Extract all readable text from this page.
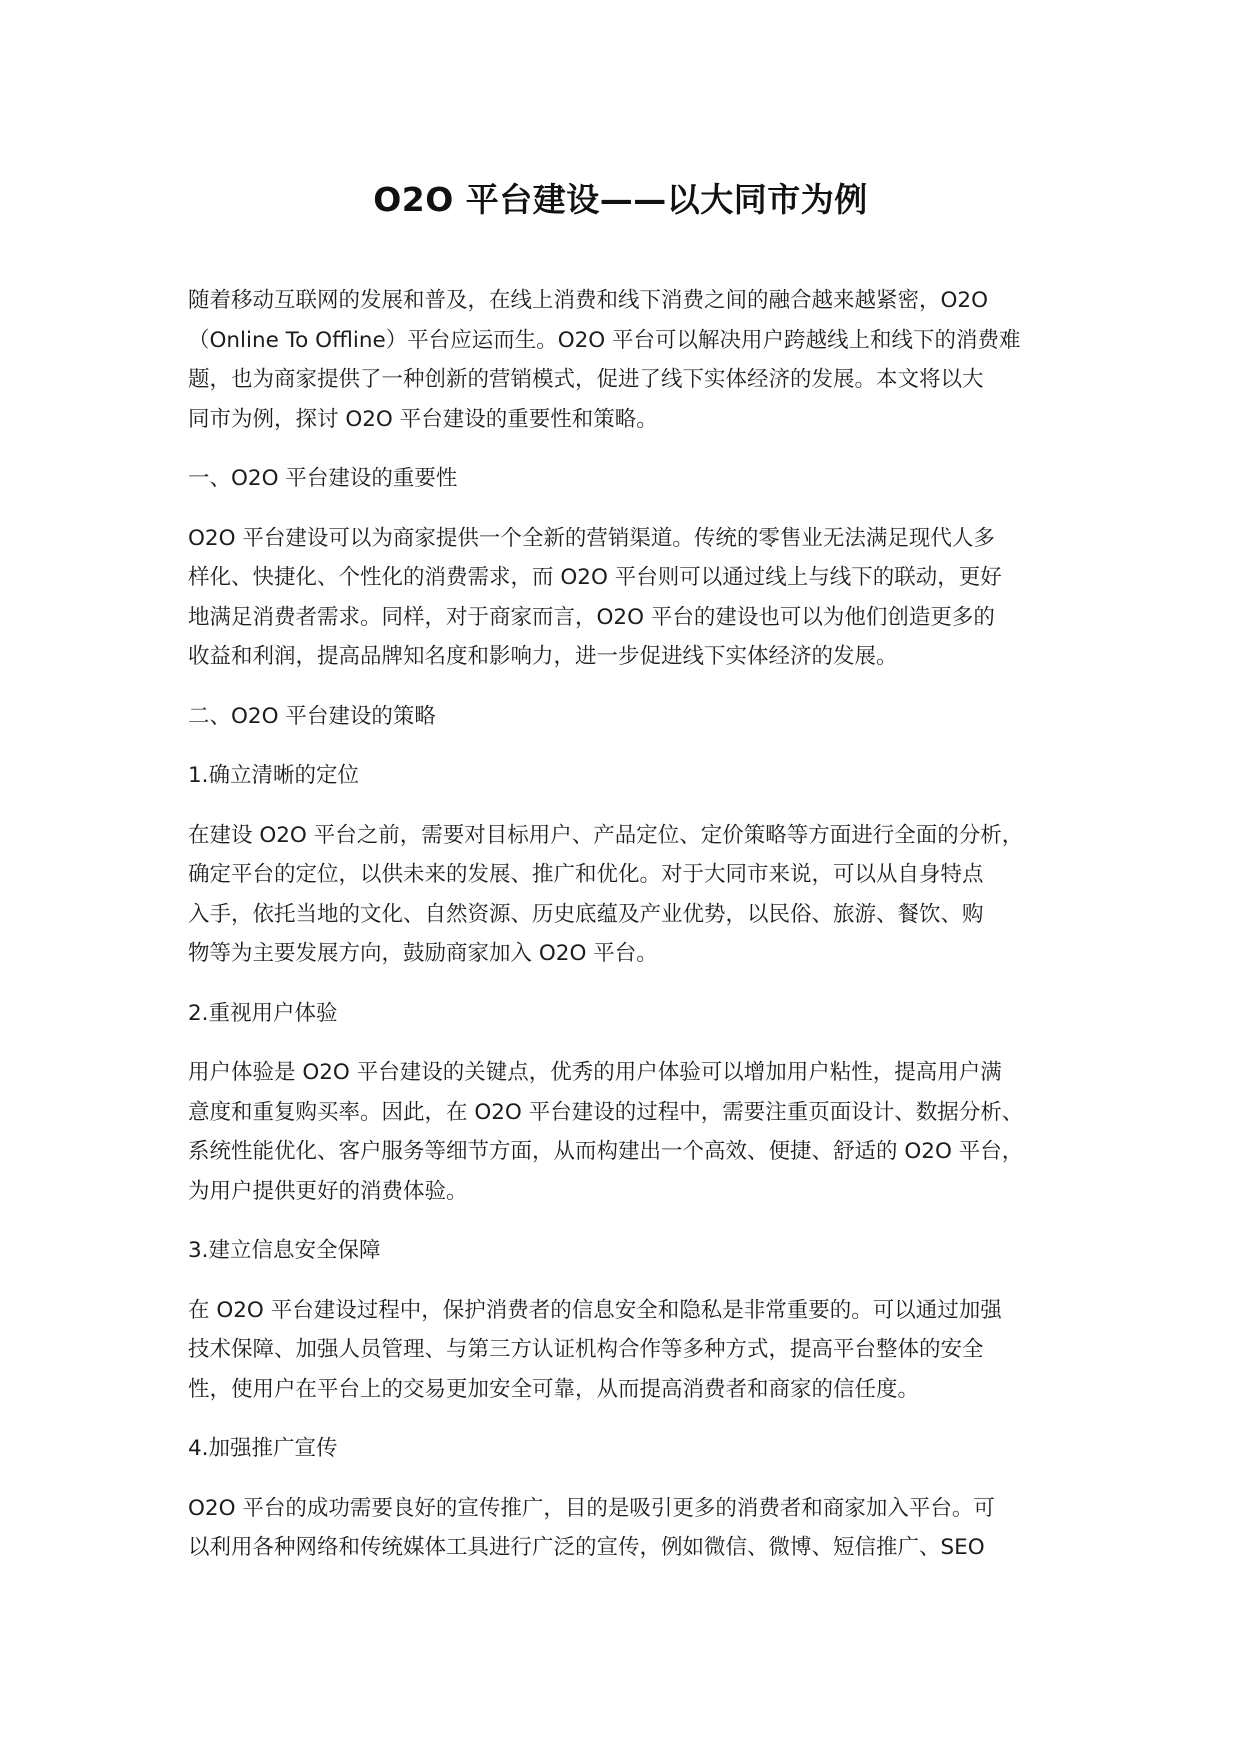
O2O 平台建设——以大同市为例
随着移动互联网的发展和普及，在线上消费和线下消费之间的融合越来越紧密，O2O
（Online To Offline）平台应运而生。O2O 平台可以解决用户跨越线上和线下的消费难
题，也为商家提供了一种创新的营销模式，促进了线下实体经济的发展。本文将以大
同市为例，探讨 O2O 平台建设的重要性和策略。
一、O2O 平台建设的重要性
O2O 平台建设可以为商家提供一个全新的营销渠道。传统的零售业无法满足现代人多
样化、快捷化、个性化的消费需求，而 O2O 平台则可以通过线上与线下的联动，更好
地满足消费者需求。同样，对于商家而言，O2O 平台的建设也可以为他们创造更多的
收益和利润，提高品牌知名度和影响力，进一步促进线下实体经济的发展。
二、O2O 平台建设的策略
1.确立清晰的定位
在建设 O2O 平台之前，需要对目标用户、产品定位、定价策略等方面进行全面的分析，
确定平台的定位，以供未来的发展、推广和优化。对于大同市来说，可以从自身特点
入手，依托当地的文化、自然资源、历史底蕴及产业优势，以民俗、旅游、餐饮、购
物等为主要发展方向，鼓励商家加入 O2O 平台。
2.重视用户体验
用户体验是 O2O 平台建设的关键点，优秀的用户体验可以增加用户粘性，提高用户满
意度和重复购买率。因此，在 O2O 平台建设的过程中，需要注重页面设计、数据分析、
系统性能优化、客户服务等细节方面，从而构建出一个高效、便捷、舒适的 O2O 平台，
为用户提供更好的消费体验。
3.建立信息安全保障
在 O2O 平台建设过程中，保护消费者的信息安全和隐私是非常重要的。可以通过加强
技术保障、加强人员管理、与第三方认证机构合作等多种方式，提高平台整体的安全
性，使用户在平台上的交易更加安全可靠，从而提高消费者和商家的信任度。
4.加强推广宣传
O2O 平台的成功需要良好的宣传推广，目的是吸引更多的消费者和商家加入平台。可
以利用各种网络和传统媒体工具进行广泛的宣传，例如微信、微博、短信推广、SEO
